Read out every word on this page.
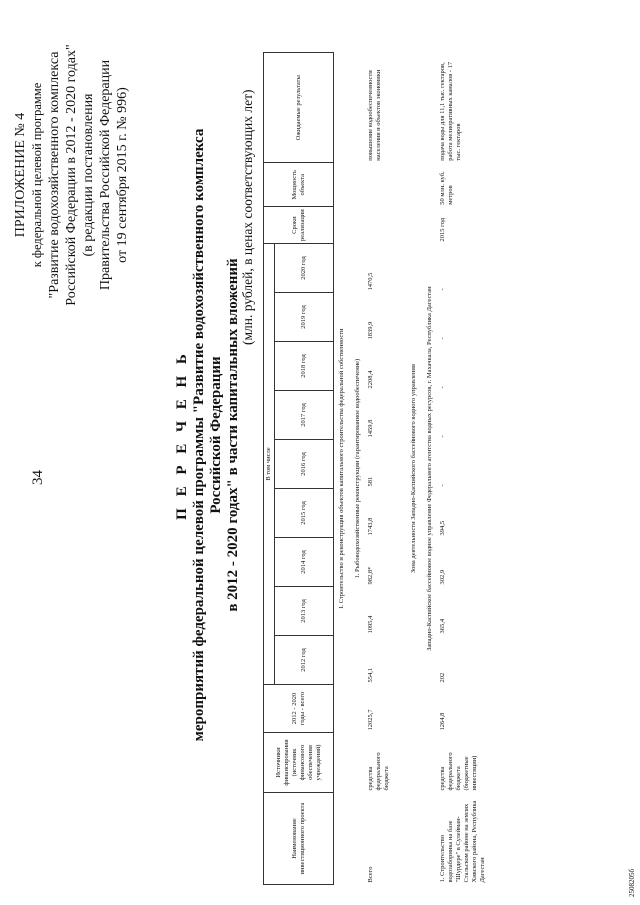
34
ПРИЛОЖЕНИЕ № 4 к федеральной целевой программе "Развитие водохозяйственного комплекса Российской Федерации в 2012 - 2020 годах" (в редакции постановления Правительства Российской Федерации от 19 сентября 2015 г. № 996)
П Е Р Е Ч Е Н Ь мероприятий федеральной целевой программы "Развитие водохозяйственного комплекса Российской Федерации в 2012 - 2020 годах" в части капитальных вложений
(млн. рублей, в ценах соответствующих лет)
Наименование инвестиционного проекта	Источники финансирования (источник финансового обеспечения учреждений)	2012 - 2020 годы - всего	В том числе									Сроки реализации	Мощность объекта	Ожидаемые результаты
			2012 год	2013 год	2014 год	2015 год	2016 год	2017 год	2018 год	2019 год	2020 год			
I. Строительство и реконструкция объектов капитального строительства федеральной собственности														
1. Рыбоводохозяйственные реконструкции (гарантированное водообеспечение)														
Всего	средства федерального бюджета	12025,7	554,1	1095,4	982,8*	1743,8	581	1459,8	2208,4	1839,9	1470,5			повышение водообеспеченности населения и объектов экономики
Зона деятельности Западно-Каспийского бассейнового водного управления														
Западно-Каспийское бассейновое водное управление Федерального агентства водных ресурсов, г. Махачкала, Республика Дагестан														
1. Строительство водозаборника на базе "Шурдере" в Сулейман-Стальском районе на землях Хивского района, Республика Дагестан	средства федерального бюджета (бюджетные инвестиции)	1264,8	202	365,4	302,9	394,5	-	-	-	-	-	2015 год	50 млн. куб. метров	подача воды для 11,1 тыс. гектаров, работа мелиоративных каналов - 17 тыс. гектаров
2508205б
